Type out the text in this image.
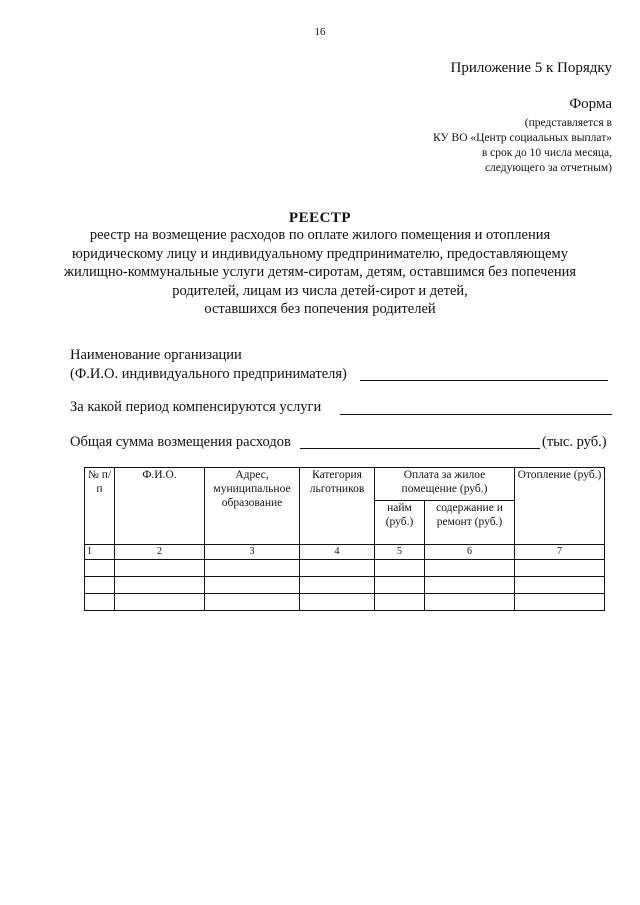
16
Приложение 5 к Порядку
Форма
(представляется в
КУ ВО «Центр социальных выплат»
в срок до 10 числа месяца,
следующего за отчетным)
РЕЕСТР
реестр на возмещение расходов по оплате жилого помещения и отопления
юридическому лицу и индивидуальному предпринимателю, предоставляющему
жилищно-коммунальные услуги детям-сиротам, детям, оставшимся без попечения
родителей, лицам из числа детей-сирот и детей,
оставшихся без попечения родителей
Наименование организации
(Ф.И.О. индивидуального предпринимателя)
За какой период компенсируются услуги
Общая сумма возмещения расходов	(тыс. руб.)
№ п/п	Ф.И.О.	Адрес, муниципальное образование	Категория льготников	Оплата за жилое помещение (руб.)		Отопление (руб.)
				найм (руб.)	содержание и ремонт (руб.)	
1	2	3	4	5	6	7
